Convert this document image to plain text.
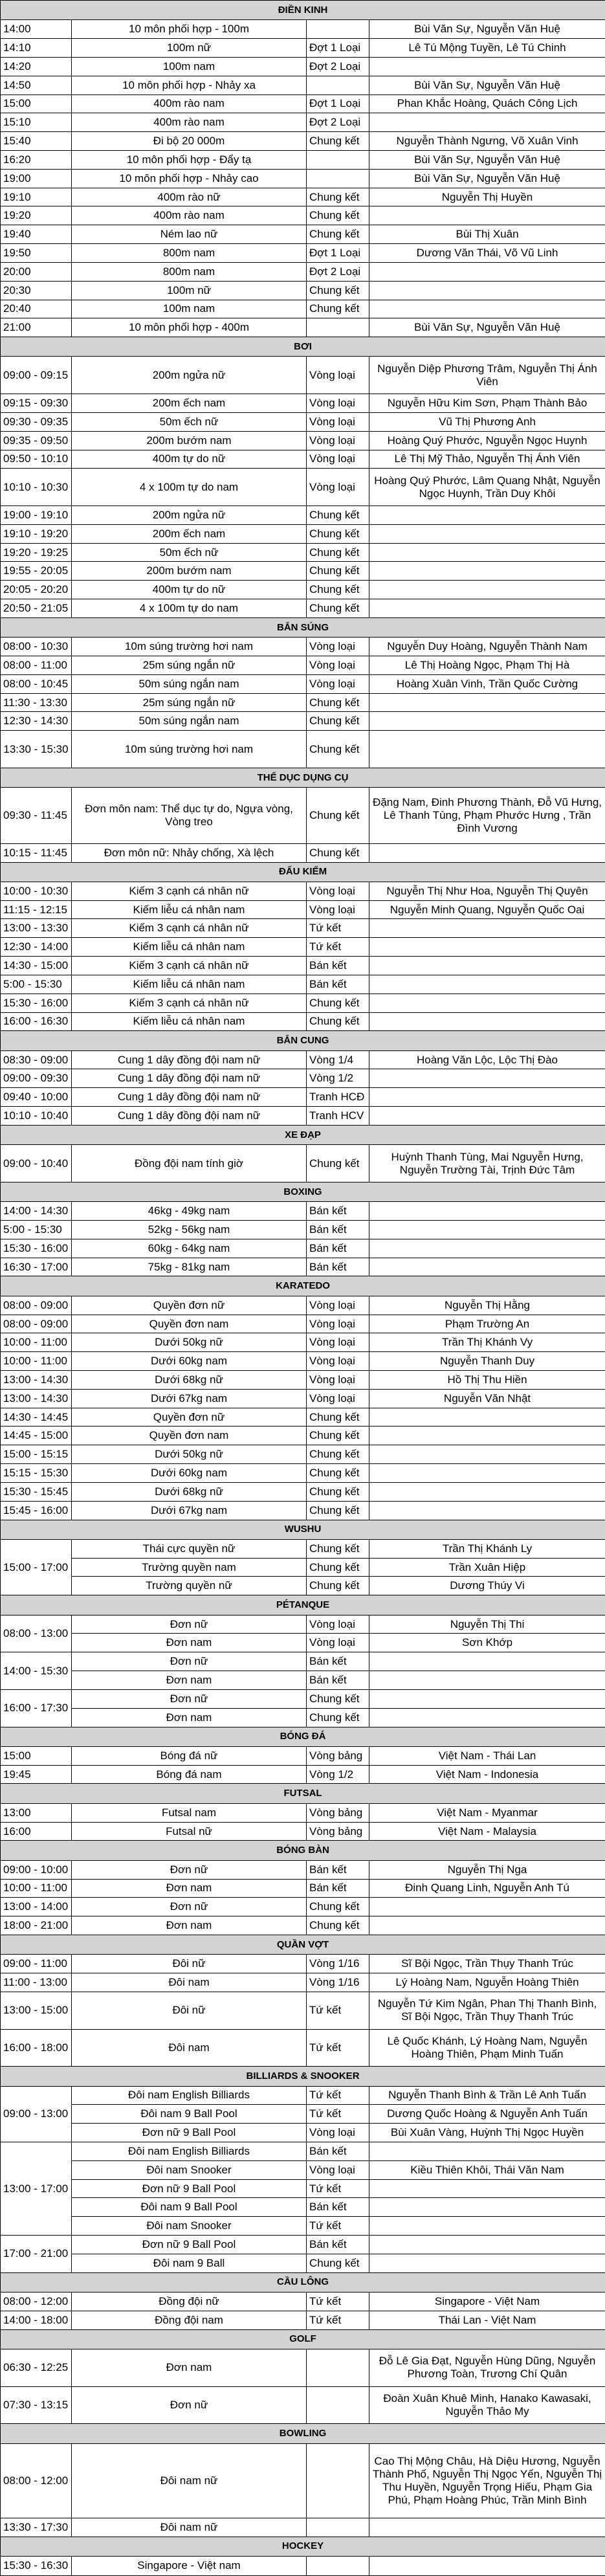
ĐIỀN KINH			
14:00	10 môn phối hợp - 100m		Bùi Văn Sự, Nguyễn Văn Huệ
14:10	100m nữ	Đợt 1 Loại	Lê Tú Mộng Tuyền, Lê Tú Chinh
14:20	100m nam	Đợt 2 Loại	
14:50	10 môn phối hợp - Nhảy xa		Bùi Văn Sự, Nguyễn Văn Huệ
15:00	400m rào nam	Đợt 1 Loại	Phan Khắc Hoàng, Quách Công Lịch
15:10	400m rào nam	Đợt 2 Loại	
15:40	Đi bộ 20 000m	Chung kết	Nguyễn Thành Ngưng, Võ Xuân Vinh
16:20	10 môn phối hợp - Đẩy tạ		Bùi Văn Sự, Nguyễn Văn Huệ
19:00	10 môn phối hợp - Nhảy cao		Bùi Văn Sự, Nguyễn Văn Huệ
19:10	400m rào nữ	Chung kết	Nguyễn Thị Huyền
19:20	400m rào nam	Chung kết	
19:40	Ném lao nữ	Chung kết	Bùi Thị Xuân
19:50	800m nam	Đợt 1 Loại	Dương Văn Thái, Võ Vũ Linh
20:00	800m nam	Đợt 2 Loại	
20:30	100m nữ	Chung kết	
20:40	100m nam	Chung kết	
21:00	10 môn phối hợp - 400m		Bùi Văn Sự, Nguyễn Văn Huệ
BƠI			
09:00 - 09:15	200m ngửa nữ	Vòng loại	Nguyễn Diệp Phương Trâm, Nguyễn Thị Ánh Viên
09:15 - 09:30	200m ếch nam	Vòng loại	Nguyễn Hữu Kim Sơn, Phạm Thành Bảo
09:30 - 09:35	50m ếch nữ	Vòng loại	Vũ Thị Phương Anh
09:35 - 09:50	200m bướm nam	Vòng loại	Hoàng Quý Phước, Nguyễn Ngọc Huynh
09:50 - 10:10	400m tự do nữ	Vòng loại	Lê Thị Mỹ Thảo, Nguyễn Thị Ánh Viên
10:10 - 10:30	4 x 100m tự do nam	Vòng loại	Hoàng Quý Phước, Lâm Quang Nhật, Nguyễn Ngọc Huynh, Trần Duy Khôi
19:00 - 19:10	200m ngửa nữ	Chung kết	
19:10 - 19:20	200m ếch nam	Chung kết	
19:20 - 19:25	50m ếch nữ	Chung kết	
19:55 - 20:05	200m bướm nam	Chung kết	
20:05 - 20:20	400m tự do nữ	Chung kết	
20:50 - 21:05	4 x 100m tự do nam	Chung kết	
BẮN SÚNG			
08:00 - 10:30	10m súng trường hơi nam	Vòng loại	Nguyễn Duy Hoàng, Nguyễn Thành Nam
08:00 - 11:00	25m súng ngắn nữ	Vòng loại	Lê Thị Hoàng Ngọc, Phạm Thị Hà
08:00 - 10:45	50m súng ngắn nam	Vòng loại	Hoàng Xuân Vinh, Trần Quốc Cường
11:30 - 13:30	25m súng ngắn nữ	Chung kết	
12:30 - 14:30	50m súng ngắn nam	Chung kết	
13:30 - 15:30	10m súng trường hơi nam	Chung kết	
THỂ DỤC DỤNG CỤ			
09:30 - 11:45	Đơn môn nam: Thể dục tự do, Ngựa vòng, Vòng treo	Chung kết	Đặng Nam, Đinh Phương Thành, Đỗ Vũ Hưng, Lê Thanh Tùng, Phạm Phước Hưng , Trần Đình Vương
10:15 - 11:45	Đơn môn nữ: Nhảy chống, Xà lệch	Chung kết	
ĐẤU KIẾM			
10:00 - 10:30	Kiếm 3 cạnh cá nhân nữ	Vòng loại	Nguyễn Thị Như Hoa, Nguyễn Thị Quyên
11:15 - 12:15	Kiếm liễu cá nhân nam	Vòng loại	Nguyễn Minh Quang, Nguyễn Quốc Oai
13:00 - 13:30	Kiếm 3 cạnh cá nhân nữ	Tứ kết	
12:30 - 14:00	Kiếm liễu cá nhân nam	Tứ kết	
14:30 - 15:00	Kiếm 3 cạnh cá nhân nữ	Bán kết	
5:00 - 15:30	Kiếm liễu cá nhân nam	Bán kết	
15:30 - 16:00	Kiếm 3 cạnh cá nhân nữ	Chung kết	
16:00 - 16:30	Kiếm liễu cá nhân nam	Chung kết	
BẮN CUNG			
08:30 - 09:00	Cung 1 dây đồng đội nam nữ	Vòng 1/4	Hoàng Văn Lộc, Lộc Thị Đào
09:00 - 09:30	Cung 1 dây đồng đội nam nữ	Vòng 1/2	
09:40 - 10:00	Cung 1 dây đồng đội nam nữ	Tranh HCĐ	
10:10 - 10:40	Cung 1 dây đồng đội nam nữ	Tranh HCV	
XE ĐẠP			
09:00 - 10:40	Đồng đội nam tính giờ	Chung kết	Huỳnh Thanh Tùng, Mai Nguyễn Hưng, Nguyễn Trường Tài, Trịnh Đức Tâm
BOXING			
14:00 - 14:30	46kg - 49kg nam	Bán kết	
5:00 - 15:30	52kg - 56kg nam	Bán kết	
15:30 - 16:00	60kg - 64kg nam	Bán kết	
16:30 - 17:00	75kg - 81kg nam	Bán kết	
KARATEDO			
08:00 - 09:00	Quyền đơn nữ	Vòng loại	Nguyễn Thị Hằng
08:00 - 09:00	Quyền đơn nam	Vòng loại	Phạm Trường An
10:00 - 11:00	Dưới 50kg nữ	Vòng loại	Trần Thị Khánh Vy
10:00 - 11:00	Dưới 60kg nam	Vòng loại	Nguyễn Thanh Duy
13:00 - 14:30	Dưới 68kg nữ	Vòng loại	Hồ Thị Thu Hiền
13:00 - 14:30	Dưới 67kg nam	Vòng loại	Nguyễn Văn Nhật
14:30 - 14:45	Quyền đơn nữ	Chung kết	
14:45 - 15:00	Quyền đơn nam	Chung kết	
15:00 - 15:15	Dưới 50kg nữ	Chung kết	
15:15 - 15:30	Dưới 60kg nam	Chung kết	
15:30 - 15:45	Dưới 68kg nữ	Chung kết	
15:45 - 16:00	Dưới 67kg nam	Chung kết	
WUSHU			
15:00 - 17:00	Thái cực quyền nữ	Chung kết	Trần Thị Khánh Ly
	Trường quyền nam	Chung kết	Trần Xuân Hiệp
	Trường quyền nữ	Chung kết	Dương Thúy Vi
PÉTANQUE			
08:00 - 13:00	Đơn nữ	Vòng loại	Nguyễn Thị Thi
	Đơn nam	Vòng loại	Sơn Khớp
14:00 - 15:30	Đơn nữ	Bán kết	
	Đơn nam	Bán kết	
16:00 - 17:30	Đơn nữ	Chung kết	
	Đơn nam	Chung kết	
BÓNG ĐÁ			
15:00	Bóng đá nữ	Vòng bảng	Việt Nam - Thái Lan
19:45	Bóng đá nam	Vòng 1/2	Việt Nam - Indonesia
FUTSAL			
13:00	Futsal nam	Vòng bảng	Việt Nam - Myanmar
16:00	Futsal nữ	Vòng bảng	Việt Nam - Malaysia
BÓNG BÀN			
09:00 - 10:00	Đơn nữ	Bán kết	Nguyễn Thị Nga
10:00 - 11:00	Đơn nam	Bán kết	Đinh Quang Linh, Nguyễn Anh Tú
13:00 - 14:00	Đơn nữ	Chung kết	
18:00 - 21:00	Đơn nam	Chung kết	
QUẦN VỢT			
09:00 - 11:00	Đôi nữ	Vòng 1/16	Sĩ Bội Ngọc, Trần Thụy Thanh Trúc
11:00 - 13:00	Đôi nam	Vòng 1/16	Lý Hoàng Nam, Nguyễn Hoàng Thiên
13:00 - 15:00	Đôi nữ	Tứ kết	Nguyễn Tứ Kim Ngân, Phan Thị Thanh Bình, Sĩ Bội Ngọc, Trần Thụy Thanh Trúc
16:00 - 18:00	Đôi nam	Tứ kết	Lê Quốc Khánh, Lý Hoàng Nam, Nguyễn Hoàng Thiên, Phạm Minh Tuấn
BILLIARDS & SNOOKER			
09:00 - 13:00	Đôi nam English Billiards	Tứ kết	Nguyễn Thanh Bình & Trần Lê Anh Tuấn
	Đôi nam 9 Ball Pool	Tứ kết	Dương Quốc Hoàng & Nguyễn Anh Tuấn
	Đơn nữ 9 Ball Pool	Vòng loại	Bùi Xuân Vàng, Huỳnh Thị Ngọc Huyền
13:00 - 17:00	Đôi nam English Billiards	Bán kết	
	Đôi nam Snooker	Vòng loại	Kiều Thiên Khôi, Thái Văn Nam
	Đơn nữ 9 Ball Pool	Tứ kết	
	Đôi nam 9 Ball Pool	Bán kết	
	Đôi nam Snooker	Tứ kết	
17:00 - 21:00	Đơn nữ 9 Ball Pool	Bán kết	
	Đôi nam 9 Ball	Chung kết	
CẦU LÔNG			
08:00 - 12:00	Đồng đội nữ	Tứ kết	Singapore - Việt Nam
14:00 - 18:00	Đồng đội nam	Tứ kết	Thái Lan - Việt Nam
GOLF			
06:30 - 12:25	Đơn nam		Đỗ Lê Gia Đạt, Nguyễn Hùng Dũng, Nguyễn Phương Toàn, Trương Chí Quân
07:30 - 13:15	Đơn nữ		Đoàn Xuân Khuê Minh, Hanako Kawasaki, Nguyễn Thảo My
BOWLING			
08:00 - 12:00	Đôi nam nữ		Cao Thị Mộng Châu, Hà Diệu Hương, Nguyễn Thành Phố, Nguyễn Thị Ngọc Yến, Nguyễn Thị Thu Huyền, Nguyễn Trọng Hiếu, Phạm Gia Phú, Phạm Hoàng Phúc, Trần Minh Bình
13:30 - 17:30	Đôi nam nữ		
HOCKEY			
15:30 - 16:30	Singapore - Việt nam		
